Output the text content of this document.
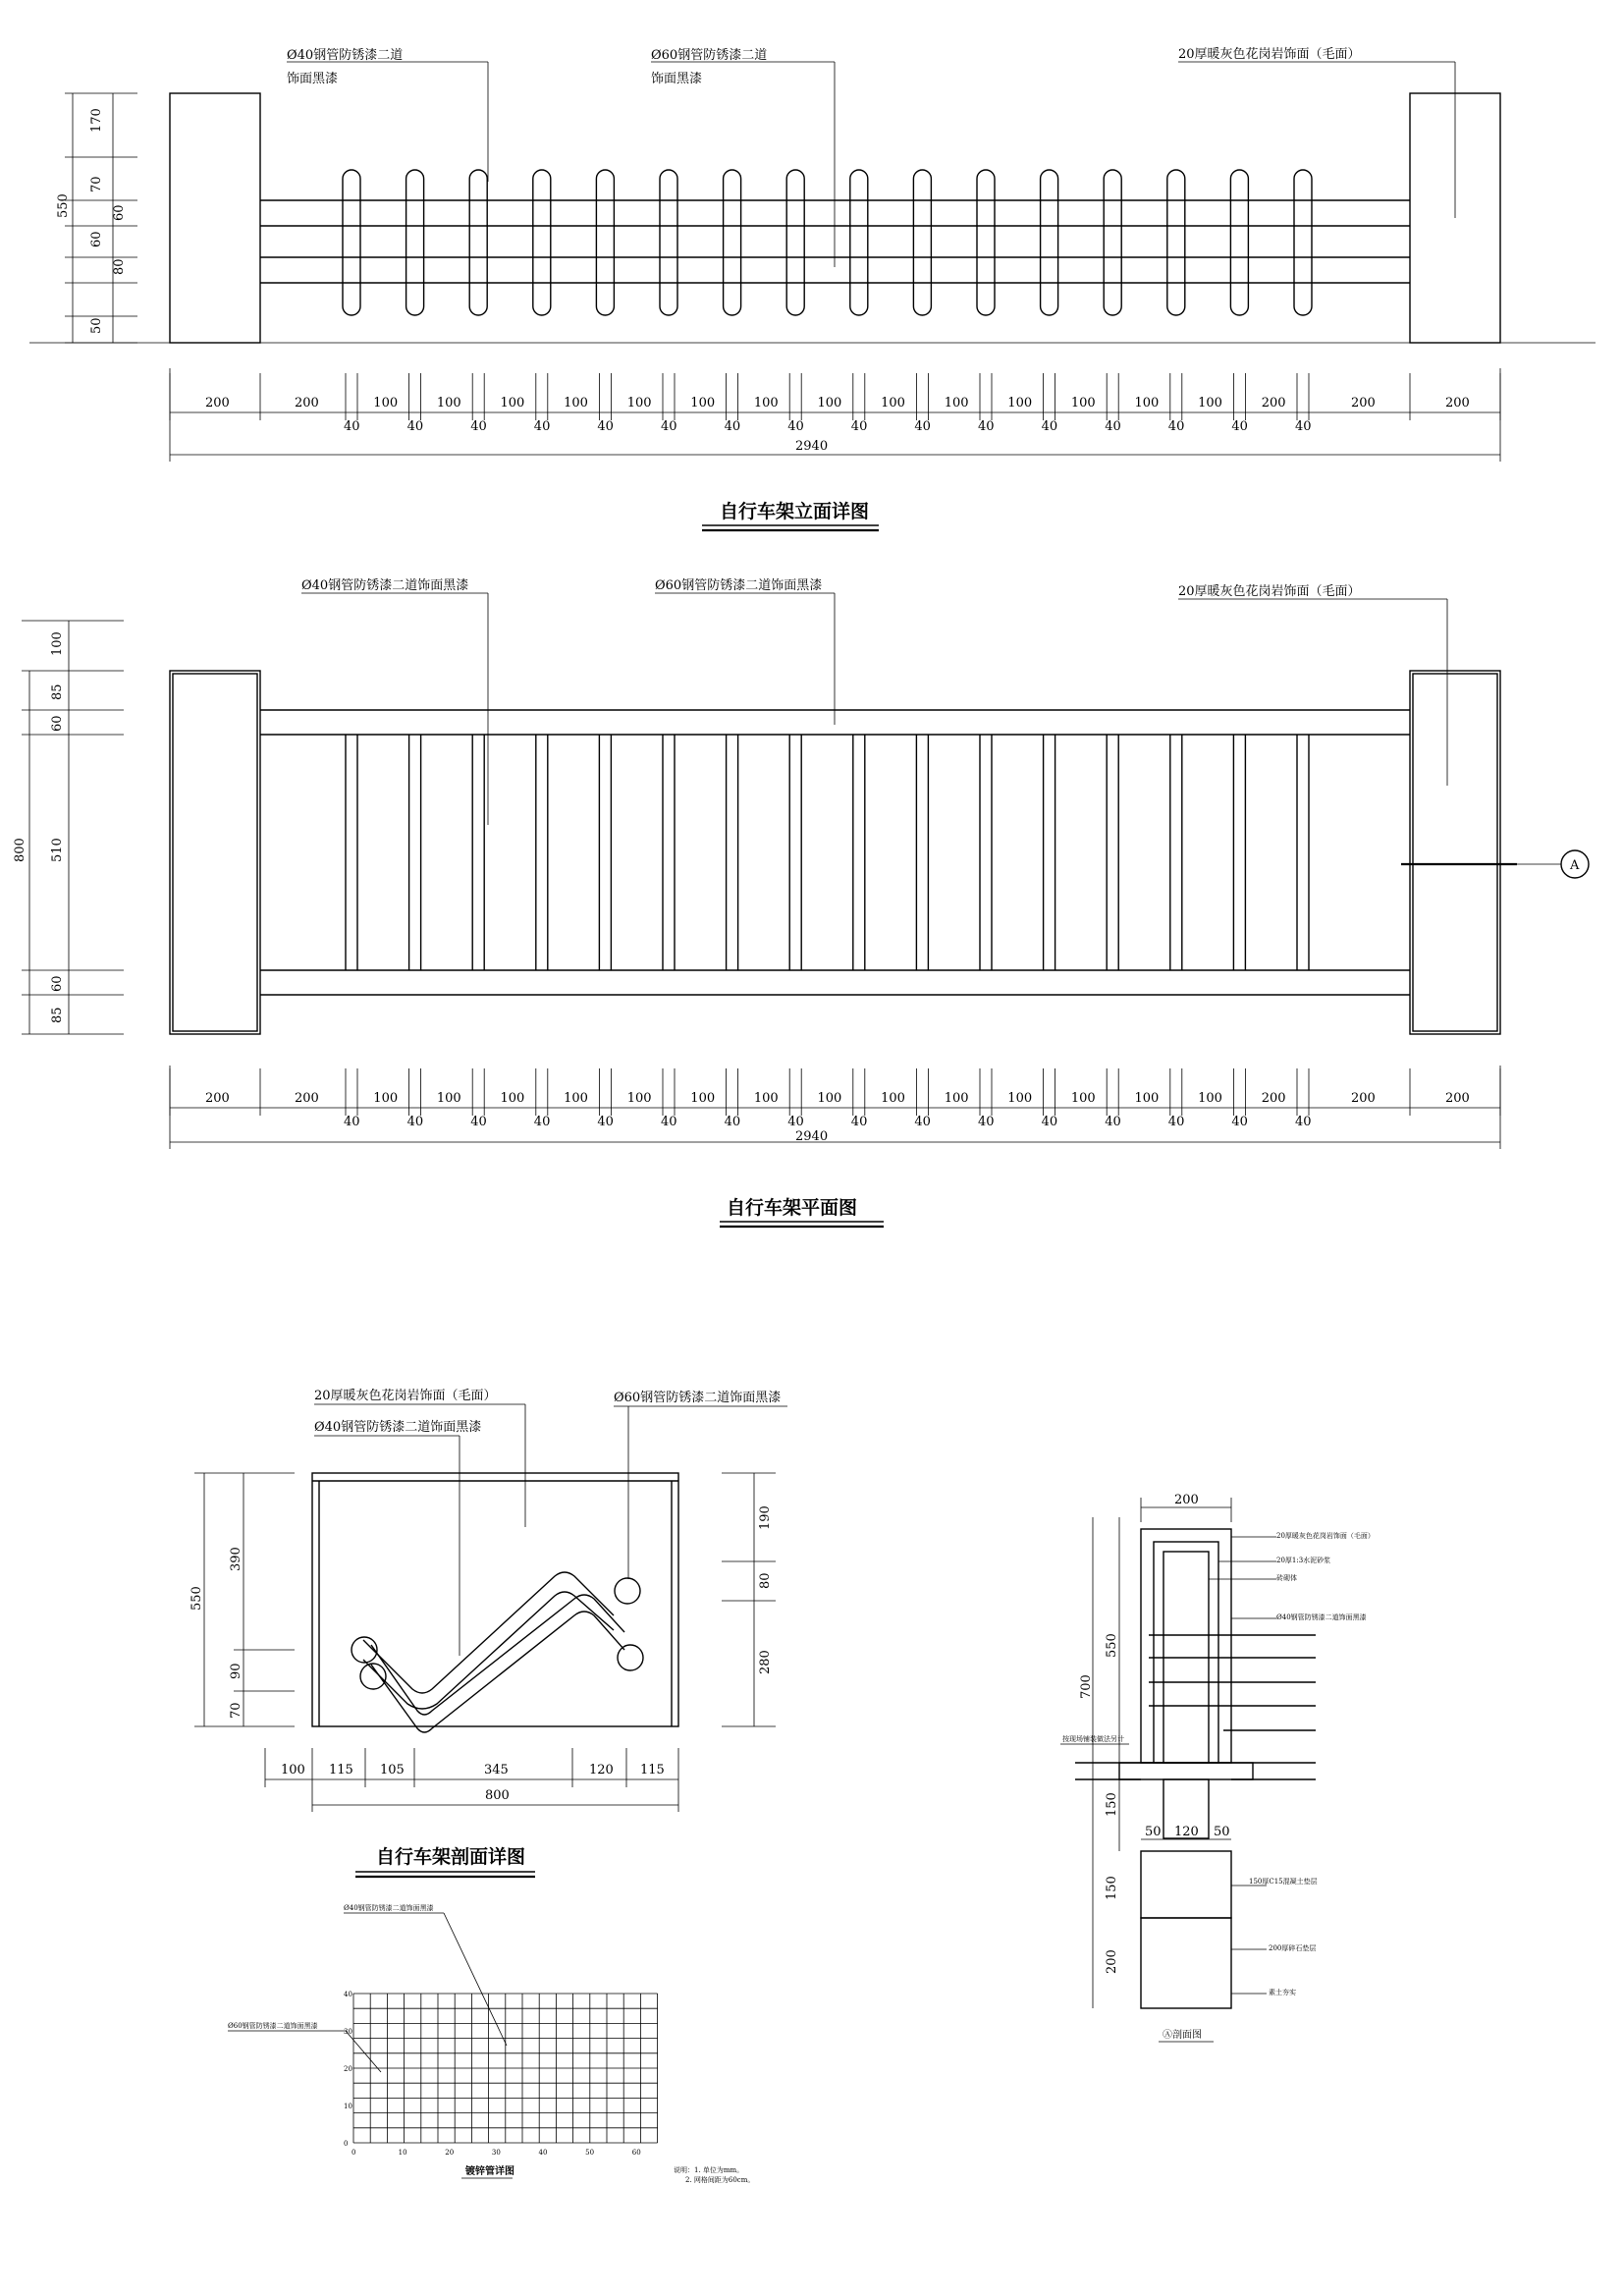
Ø40钢管防锈漆二道
饰面黑漆
Ø60钢管防锈漆二道
饰面黑漆
20厚暖灰色花岗岩饰面（毛面）
550
170
70
60
60
80
50
200	200	100	100	100	100	100	100	100	100	100	100	100	100	100	100	200	200	200
40	40	40	40	40	40	40	40	40	40	40	40	40	40	40	40
2940
自行车架立面详图
A
Ø40钢管防锈漆二道饰面黑漆	Ø60钢管防锈漆二道饰面黑漆	20厚暖灰色花岗岩饰面（毛面）
800
100
85
60
510
60
85
200	200	100	100	100	100	100	100	100	100	100	100	100	100	100	100	200	200	200
40	40	40	40	40	40	40	40	40	40	40	40	40	40	40	40
2940
自行车架平面图
20厚暖灰色花岗岩饰面（毛面）
Ø40钢管防锈漆二道饰面黑漆
Ø60钢管防锈漆二道饰面黑漆
550
390
90
70
190
80
280
100 115 105	345	120 115
800
自行车架剖面详图
Ø40钢管防锈漆二道饰面黑漆
Ø60钢管防锈漆二道饰面黑漆
40
30
20
10
0
0	10	20	30	40	50	60
镀锌管详图	说明：1. 单位为mm。
2. 网格间距为60cm。
200
700
550
150
150
200
50 120 50
20厚暖灰色花岗岩饰面（毛面）
20厚1:3水泥砂浆
砖砌体
Ø40钢管防锈漆二道饰面黑漆
按现场铺装做法另计
150厚C15混凝土垫层
200厚碎石垫层
素土夯实
Ⓐ剖面图
